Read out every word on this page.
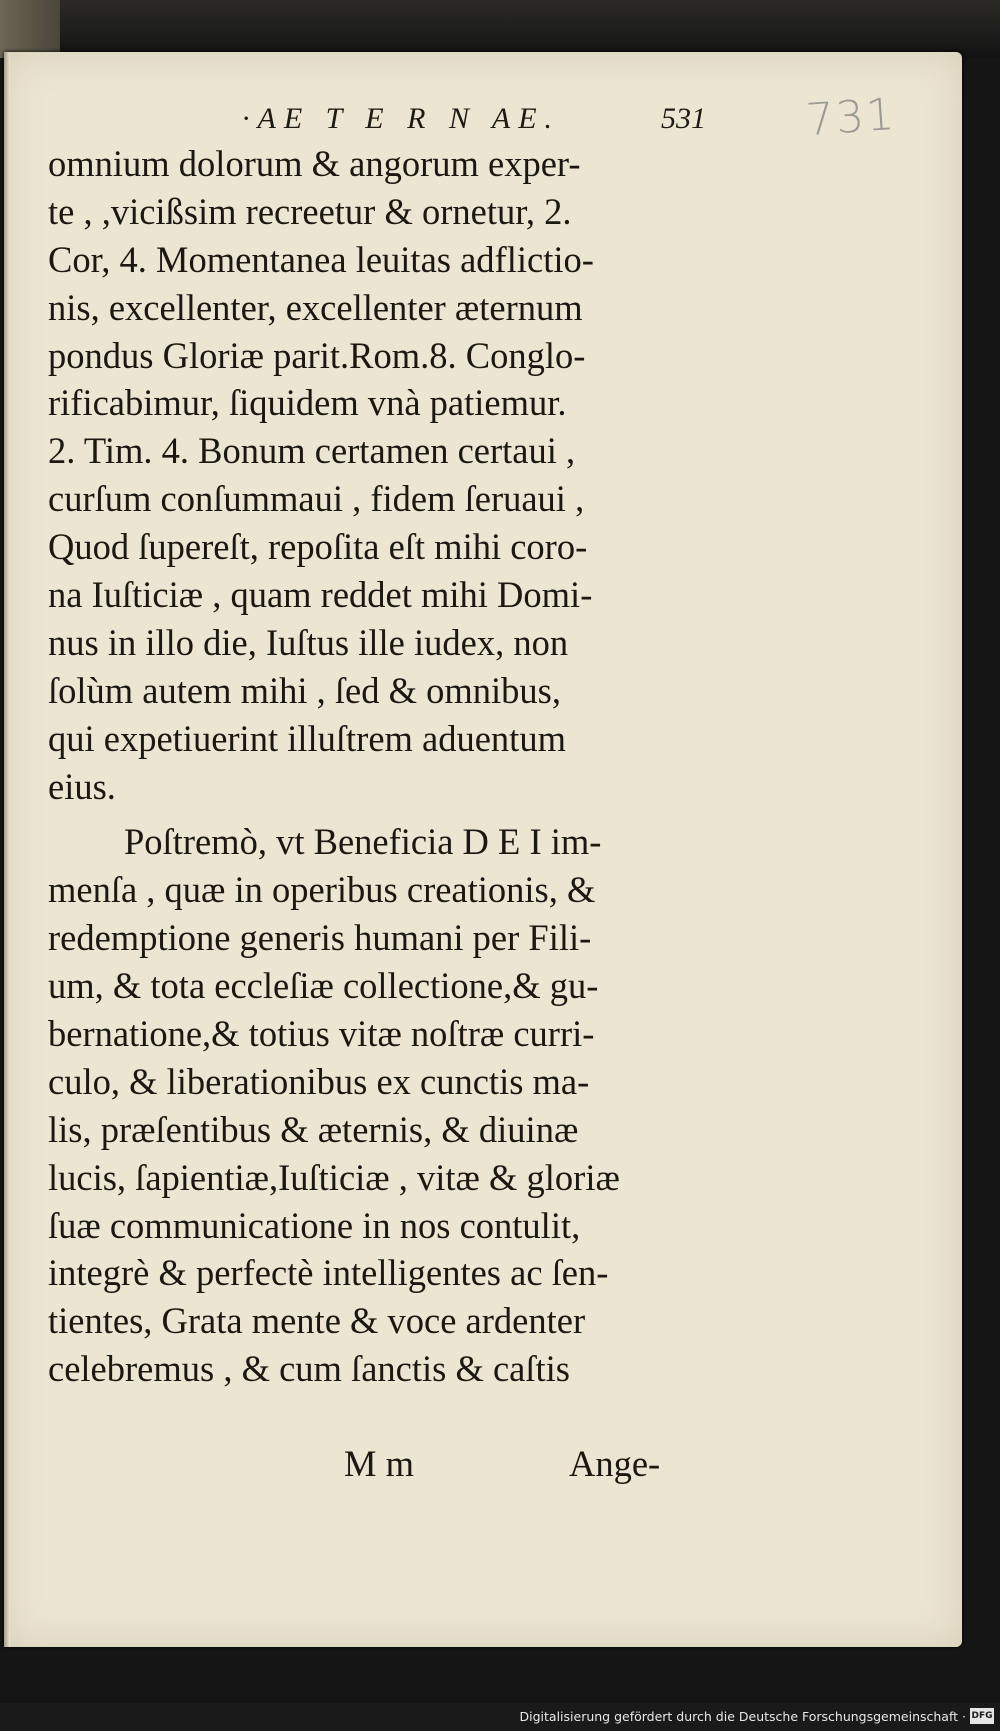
·AE T E R N AE.	531 731
omnium dolorum & angorum exper-
te , ,vicißsim recreetur & ornetur, 2.
Cor, 4. Momentanea leuitas adflictio-
nis, excellenter, excellenter æternum
pondus Gloriæ parit.Rom.8. Conglo-
rificabimur, ſiquidem vnà patiemur.
2. Tim. 4. Bonum certamen certaui ,
curſum conſummaui , fidem ſeruaui ,
Quod ſupereſt, repoſita eſt mihi coro-
na Iuſticiæ , quam reddet mihi Domi-
nus in illo die, Iuſtus ille iudex, non
ſolùm autem mihi , ſed & omnibus,
qui expetiuerint illuſtrem aduentum
eius.
Poſtremò, vt Beneficia D E I im-
menſa , quæ in operibus creationis, &
redemptione generis humani per Fili-
um, & tota eccleſiæ collectione,& gu-
bernatione,& totius vitæ noſtræ curri-
culo, & liberationibus ex cunctis ma-
lis, præſentibus & æternis, & diuinæ
lucis, ſapientiæ,Iuſticiæ , vitæ & gloriæ
ſuæ communicatione in nos contulit,
integrè & perfectè intelligentes ac ſen-
tientes, Grata mente & voce ardenter
celebremus , & cum ſanctis & caſtis
M m	Ange-
Digitalisierung gefördert durch die Deutsche Forschungsgemeinschaft · DFG
